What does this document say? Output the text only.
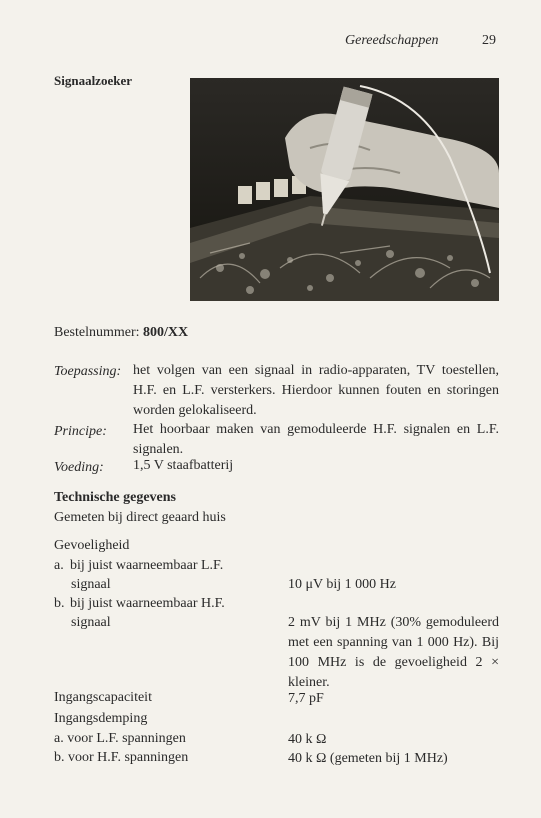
Gereedschappen	29
Signaalzoeker
Bestelnummer: 800/XX
Toepassing: het volgen van een signaal in radio-apparaten, TV toestellen, H.F. en L.F. versterkers. Hierdoor kunnen fouten en storingen worden gelokaliseerd.
Principe: Het hoorbaar maken van gemoduleerde H.F. signalen en L.F. signalen.
Voeding: 1,5 V staafbatterij
Technische gegevens
Gemeten bij direct geaard huis
Gevoeligheid
a. bij juist waarneembaar L.F.
signaal	10 μV bij 1 000 Hz
b. bij juist waarneembaar H.F.
signaal	2 mV bij 1 MHz (30% gemoduleerd met een spanning van 1 000 Hz). Bij 100 MHz is de gevoeligheid 2 × kleiner.
Ingangscapaciteit	7,7 pF
Ingangsdemping
a. voor L.F. spanningen	40 k Ω
b. voor H.F. spanningen	40 k Ω (gemeten bij 1 MHz)
